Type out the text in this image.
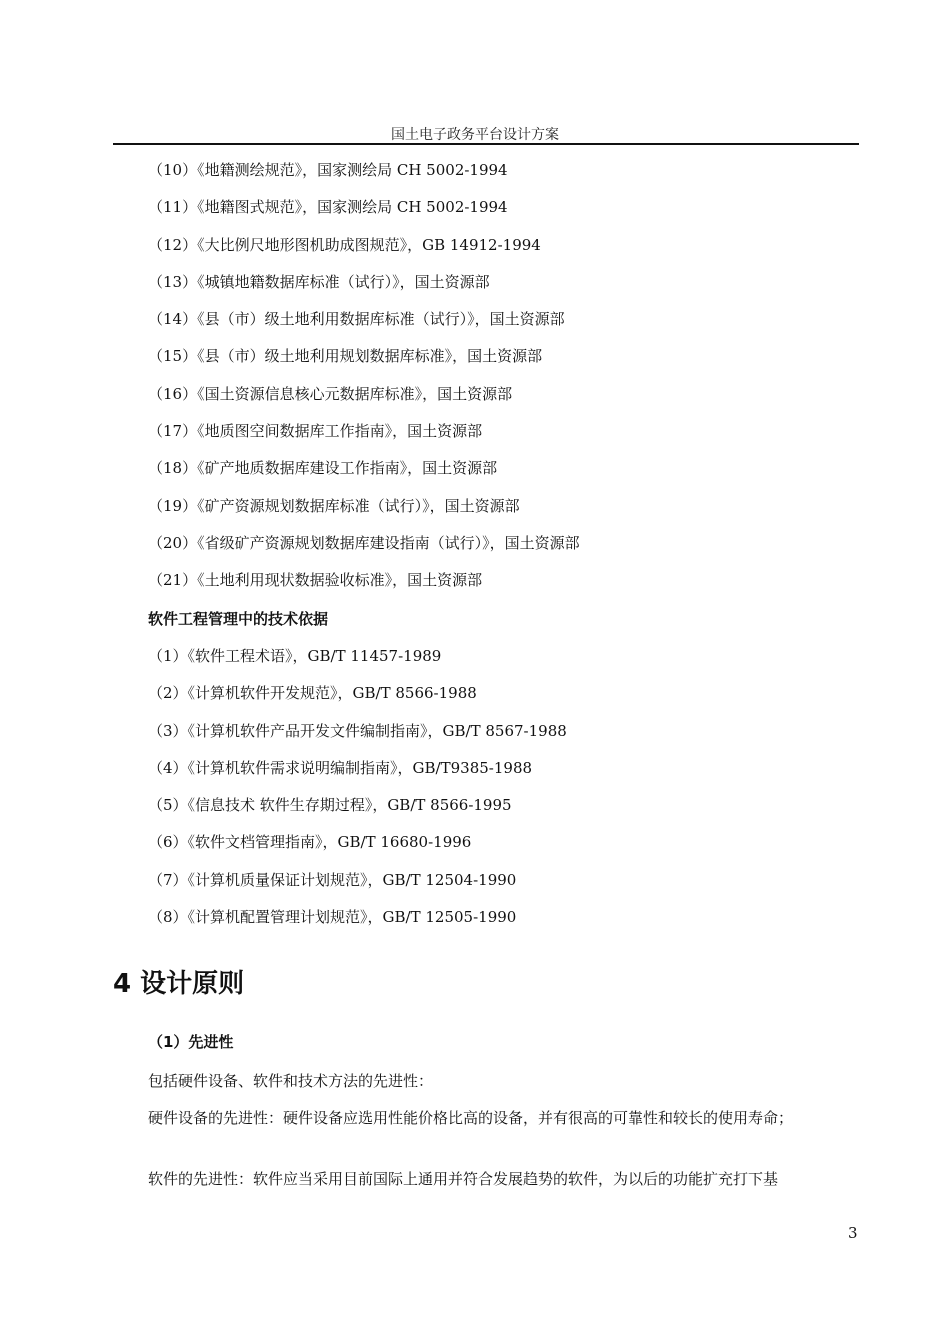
国土电子政务平台设计方案
（10）《地籍测绘规范》，国家测绘局 CH 5002-1994
（11）《地籍图式规范》，国家测绘局 CH 5002-1994
（12）《大比例尺地形图机助成图规范》，GB 14912-1994
（13）《城镇地籍数据库标准（试行）》，国土资源部
（14）《县（市）级土地利用数据库标准（试行）》，国土资源部
（15）《县（市）级土地利用规划数据库标准》，国土资源部
（16）《国土资源信息核心元数据库标准》，国土资源部
（17）《地质图空间数据库工作指南》，国土资源部
（18）《矿产地质数据库建设工作指南》，国土资源部
（19）《矿产资源规划数据库标准（试行）》，国土资源部
（20）《省级矿产资源规划数据库建设指南（试行）》，国土资源部
（21）《土地利用现状数据验收标准》，国土资源部
软件工程管理中的技术依据
（1）《软件工程术语》，GB/T 11457-1989
（2）《计算机软件开发规范》，GB/T 8566-1988
（3）《计算机软件产品开发文件编制指南》，GB/T 8567-1988
（4）《计算机软件需求说明编制指南》，GB/T9385-1988
（5）《信息技术 软件生存期过程》，GB/T 8566-1995
（6）《软件文档管理指南》，GB/T 16680-1996
（7）《计算机质量保证计划规范》，GB/T 12504-1990
（8）《计算机配置管理计划规范》，GB/T 12505-1990
4 设计原则
（1）先进性
包括硬件设备、软件和技术方法的先进性：
硬件设备的先进性：硬件设备应选用性能价格比高的设备，并有很高的可靠性和较长的使用寿命；
软件的先进性：软件应当采用目前国际上通用并符合发展趋势的软件，为以后的功能扩充打下基
3
